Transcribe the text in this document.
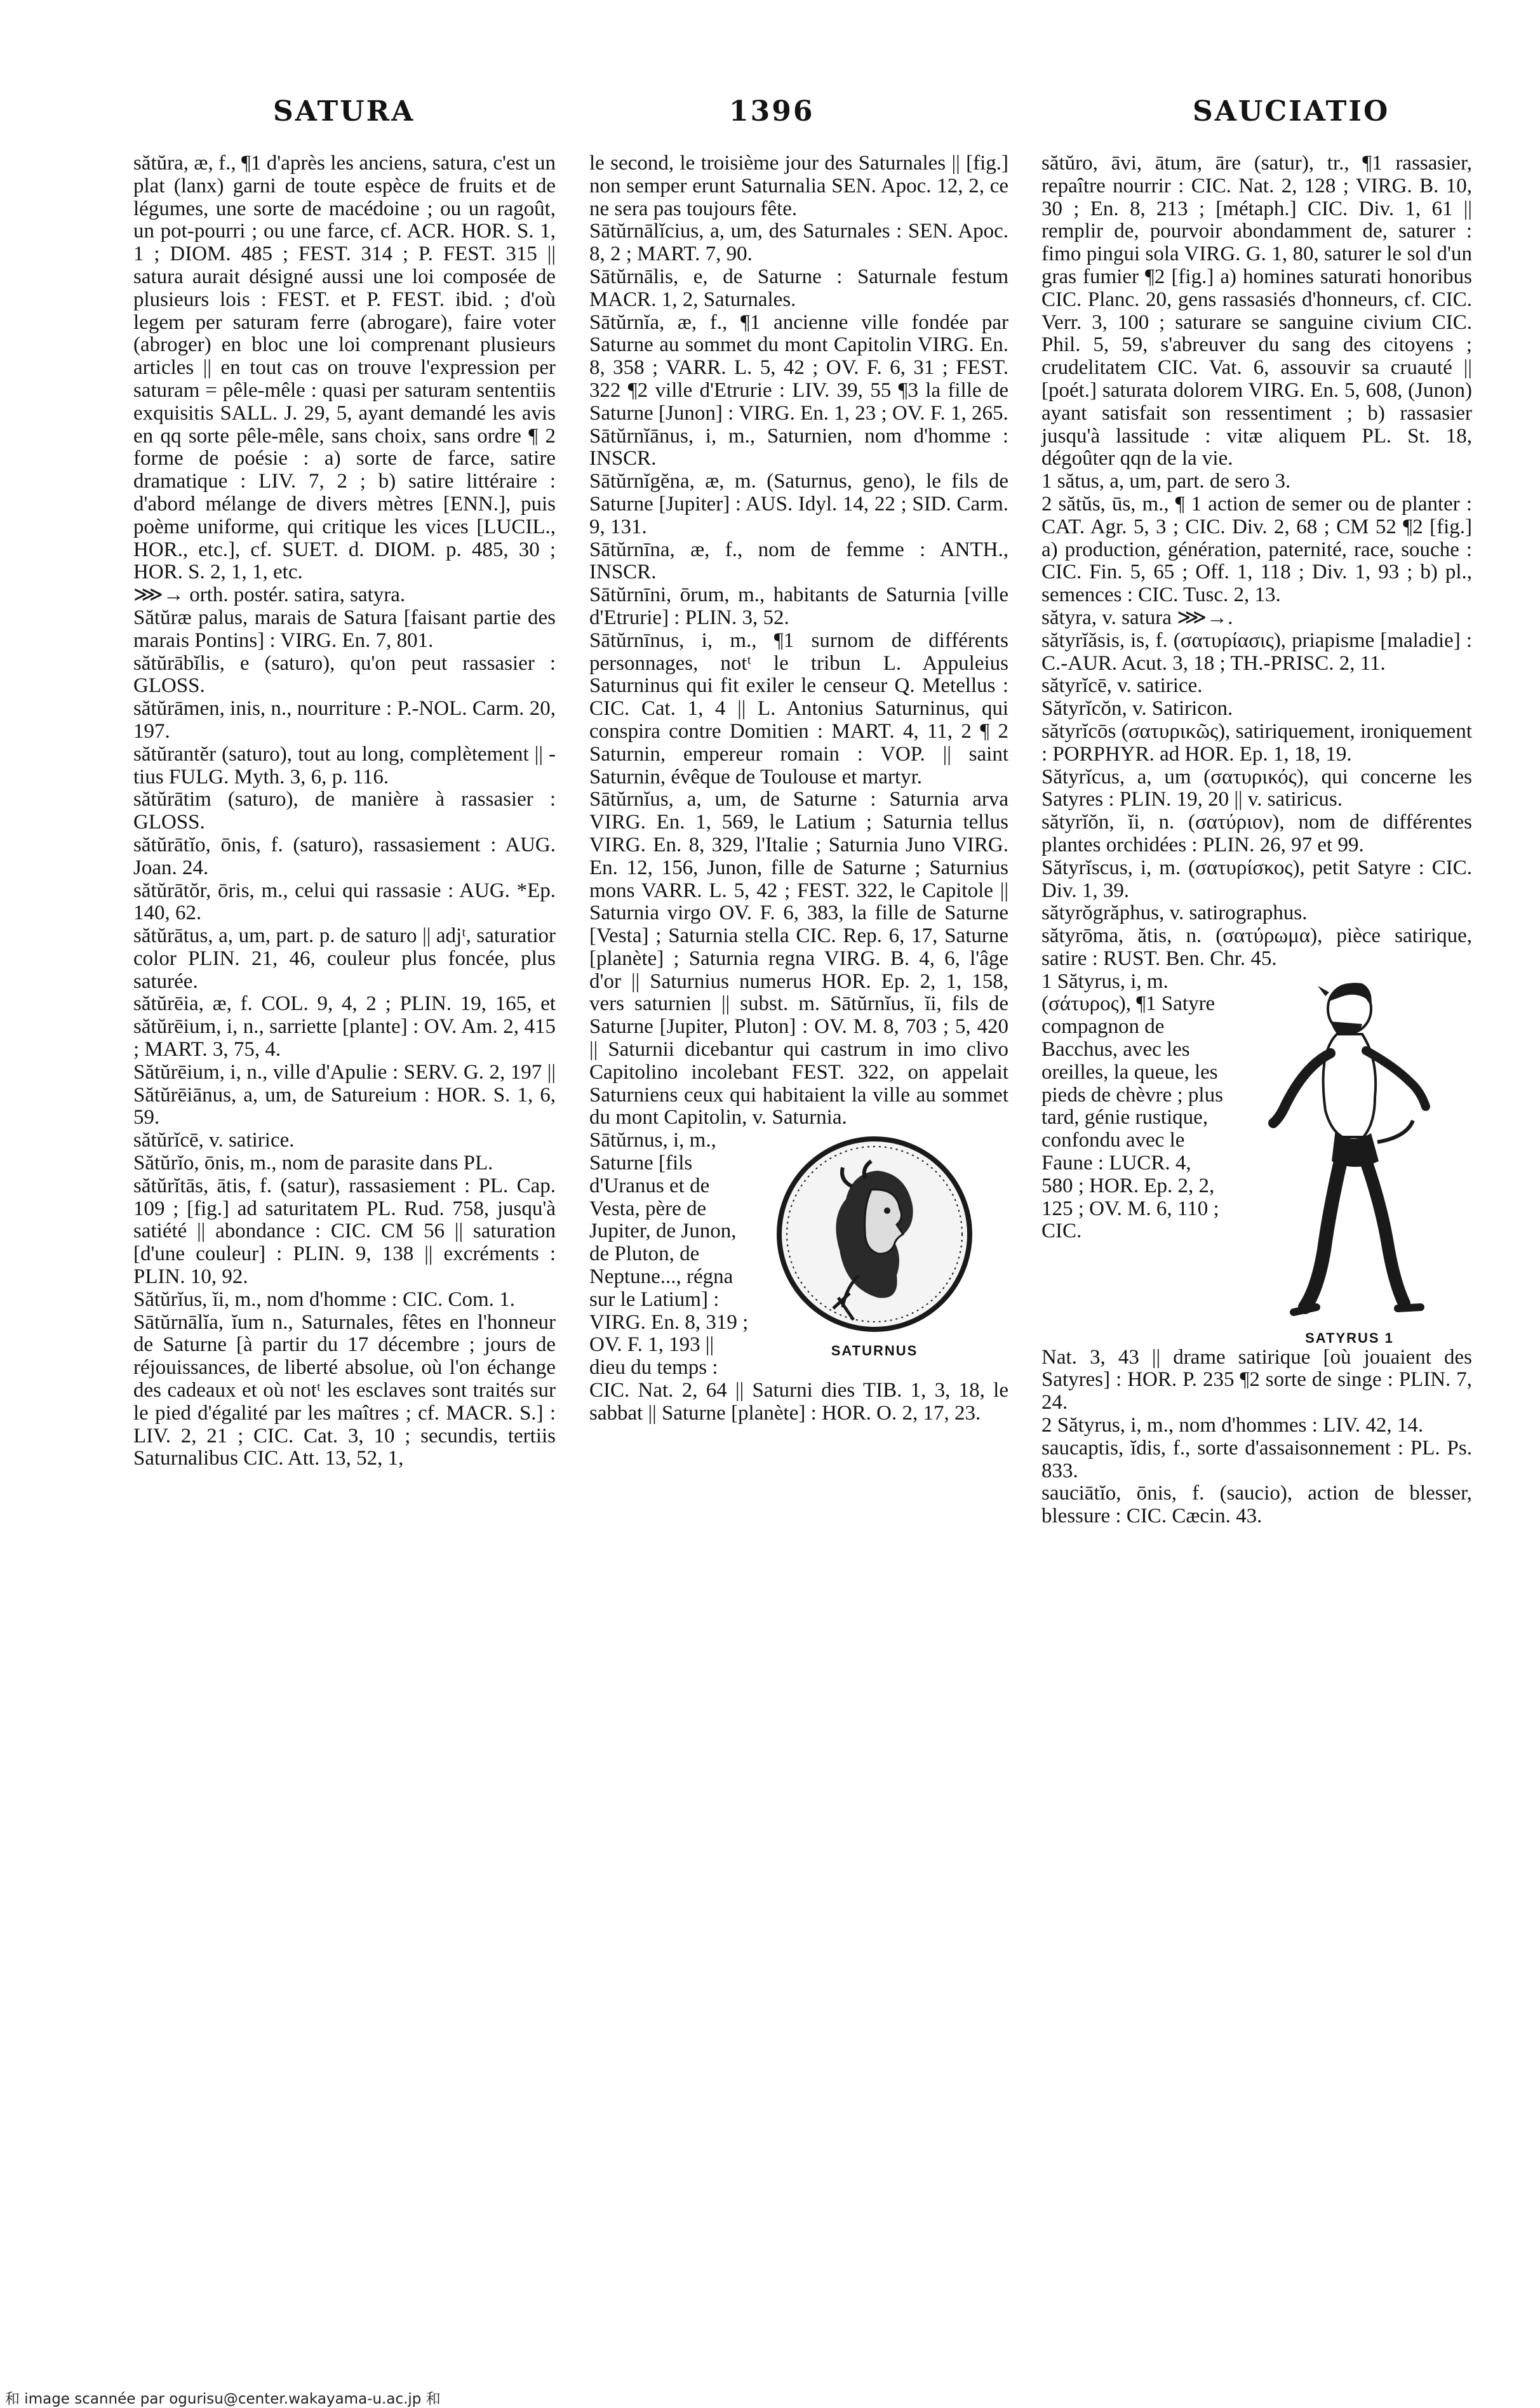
SATURA	1396	SAUCIATIO
sătŭra, æ, f., ¶1 d'après les anciens, satura, c'est un plat (lanx) garni de toute espèce de fruits et de légumes, une sorte de macédoine ; ou un ragoût, un pot-pourri ; ou une farce, cf. ACR. HOR. S. 1, 1 ; DIOM. 485 ; FEST. 314 ; P. FEST. 315 || satura aurait désigné aussi une loi composée de plusieurs lois : FEST. et P. FEST. ibid. ; d'où legem per saturam ferre (abrogare), faire voter (abroger) en bloc une loi comprenant plusieurs articles || en tout cas on trouve l'expression per saturam = pêle-mêle : quasi per saturam sententiis exquisitis SALL. J. 29, 5, ayant demandé les avis en qq sorte pêle-mêle, sans choix, sans ordre ¶ 2 forme de poésie : a) sorte de farce, satire dramatique : LIV. 7, 2 ; b) satire littéraire : d'abord mélange de divers mètres [ENN.], puis poème uniforme, qui critique les vices [LUCIL., HOR., etc.], cf. SUET. d. DIOM. p. 485, 30 ; HOR. S. 2, 1, 1, etc.
⋙→ orth. postér. satira, satyra.
Sătŭræ palus, marais de Satura [faisant partie des marais Pontins] : VIRG. En. 7, 801.
sătŭrābĭlis, e (saturo), qu'on peut rassasier : GLOSS.
sătŭrāmen, inis, n., nourriture : P.-NOL. Carm. 20, 197.
sătŭrantĕr (saturo), tout au long, complètement || -tius FULG. Myth. 3, 6, p. 116.
sătŭrātim (saturo), de manière à rassasier : GLOSS.
sătŭrātĭo, ōnis, f. (saturo), rassasiement : AUG. Joan. 24.
sătŭrātŏr, ōris, m., celui qui rassasie : AUG. *Ep. 140, 62.
sătŭrātus, a, um, part. p. de saturo || adjᵗ, saturatior color PLIN. 21, 46, couleur plus foncée, plus saturée.
sătŭrēia, æ, f. COL. 9, 4, 2 ; PLIN. 19, 165, et sătŭrēium, i, n., sarriette [plante] : OV. Am. 2, 415 ; MART. 3, 75, 4.
Sătŭrēium, i, n., ville d'Apulie : SERV. G. 2, 197 || Sătŭrēiānus, a, um, de Satureium : HOR. S. 1, 6, 59.
sătŭrĭcē, v. satirice.
Sătŭrĭo, ōnis, m., nom de parasite dans PL.
sătŭrĭtās, ātis, f. (satur), rassasiement : PL. Cap. 109 ; [fig.] ad saturitatem PL. Rud. 758, jusqu'à satiété || abondance : CIC. CM 56 || saturation [d'une couleur] : PLIN. 9, 138 || excréments : PLIN. 10, 92.
Sătŭrĭus, ĭi, m., nom d'homme : CIC. Com. 1.
Sātŭrnālĭa, ĭum n., Saturnales, fêtes en l'honneur de Saturne [à partir du 17 décembre ; jours de réjouissances, de liberté absolue, où l'on échange des cadeaux et où notᵗ les esclaves sont traités sur le pied d'égalité par les maîtres ; cf. MACR. S.] : LIV. 2, 21 ; CIC. Cat. 3, 10 ; secundis, tertiis Saturnalibus CIC. Att. 13, 52, 1,
le second, le troisième jour des Saturnales || [fig.] non semper erunt Saturnalia SEN. Apoc. 12, 2, ce ne sera pas toujours fête.
Sātŭrnālĭcius, a, um, des Saturnales : SEN. Apoc. 8, 2 ; MART. 7, 90.
Sātŭrnālis, e, de Saturne : Saturnale festum MACR. 1, 2, Saturnales.
Sātŭrnĭa, æ, f., ¶1 ancienne ville fondée par Saturne au sommet du mont Capitolin VIRG. En. 8, 358 ; VARR. L. 5, 42 ; OV. F. 6, 31 ; FEST. 322 ¶2 ville d'Etrurie : LIV. 39, 55 ¶3 la fille de Saturne [Junon] : VIRG. En. 1, 23 ; OV. F. 1, 265.
Sātŭrnĭānus, i, m., Saturnien, nom d'homme : INSCR.
Sātŭrnĭgĕna, æ, m. (Saturnus, geno), le fils de Saturne [Jupiter] : AUS. Idyl. 14, 22 ; SID. Carm. 9, 131.
Sātŭrnīna, æ, f., nom de femme : ANTH., INSCR.
Sātŭrnīni, ōrum, m., habitants de Saturnia [ville d'Etrurie] : PLIN. 3, 52.
Sātŭrnīnus, i, m., ¶1 surnom de différents personnages, notᵗ le tribun L. Appuleius Saturninus qui fit exiler le censeur Q. Metellus : CIC. Cat. 1, 4 || L. Antonius Saturninus, qui conspira contre Domitien : MART. 4, 11, 2 ¶ 2 Saturnin, empereur romain : VOP. || saint Saturnin, évêque de Toulouse et martyr.
Sātŭrnĭus, a, um, de Saturne : Saturnia arva VIRG. En. 1, 569, le Latium ; Saturnia tellus VIRG. En. 8, 329, l'Italie ; Saturnia Juno VIRG. En. 12, 156, Junon, fille de Saturne ; Saturnius mons VARR. L. 5, 42 ; FEST. 322, le Capitole || Saturnia virgo OV. F. 6, 383, la fille de Saturne [Vesta] ; Saturnia stella CIC. Rep. 6, 17, Saturne [planète] ; Saturnia regna VIRG. B. 4, 6, l'âge d'or || Saturnius numerus HOR. Ep. 2, 1, 158, vers saturnien || subst. m. Sātŭrnĭus, ĭi, fils de Saturne [Jupiter, Pluton] : OV. M. 8, 703 ; 5, 420 || Saturnii dicebantur qui castrum in imo clivo Capitolino incolebant FEST. 322, on appelait Saturniens ceux qui habitaient la ville au sommet du mont Capitolin, v. Saturnia.

Sātŭrnus, i, m., Saturne [fils d'Uranus et de Vesta, père de Jupiter, de Junon, de Pluton, de Neptune..., régna sur le Latium] : VIRG. En. 8, 319 ; OV. F. 1, 193 || dieu du temps :

SATURNUS
CIC. Nat. 2, 64 || Saturni dies TIB. 1, 3, 18, le sabbat || Saturne [planète] : HOR. O. 2, 17, 23.
sătŭro, āvi, ātum, āre (satur), tr., ¶1 rassasier, repaître nourrir : CIC. Nat. 2, 128 ; VIRG. B. 10, 30 ; En. 8, 213 ; [métaph.] CIC. Div. 1, 61 || remplir de, pourvoir abondamment de, saturer : fimo pingui sola VIRG. G. 1, 80, saturer le sol d'un gras fumier ¶2 [fig.] a) homines saturati honoribus CIC. Planc. 20, gens rassasiés d'honneurs, cf. CIC. Verr. 3, 100 ; saturare se sanguine civium CIC. Phil. 5, 59, s'abreuver du sang des citoyens ; crudelitatem CIC. Vat. 6, assouvir sa cruauté || [poét.] saturata dolorem VIRG. En. 5, 608, (Junon) ayant satisfait son ressentiment ; b) rassasier jusqu'à lassitude : vitæ aliquem PL. St. 18, dégoûter qqn de la vie.
1 sătus, a, um, part. de sero 3.
2 sătŭs, ūs, m., ¶ 1 action de semer ou de planter : CAT. Agr. 5, 3 ; CIC. Div. 2, 68 ; CM 52 ¶2 [fig.] a) production, génération, paternité, race, souche : CIC. Fin. 5, 65 ; Off. 1, 118 ; Div. 1, 93 ; b) pl., semences : CIC. Tusc. 2, 13.
sătyra, v. satura ⋙→.
sătyrĭăsis, is, f. (σατυρίασις), priapisme [maladie] : C.-AUR. Acut. 3, 18 ; TH.-PRISC. 2, 11.
sătyrĭcē, v. satirice.
Sătyrĭcŏn, v. Satiricon.
sătyrĭcōs (σατυρικῶς), satiriquement, ironiquement : PORPHYR. ad HOR. Ep. 1, 18, 19.
Sătyrĭcus, a, um (σατυρικός), qui concerne les Satyres : PLIN. 19, 20 || v. satiricus.
sătyrĭŏn, ĭi, n. (σατύριον), nom de différentes plantes orchidées : PLIN. 26, 97 et 99.
Sătyrĭscus, i, m. (σατυρίσκος), petit Satyre : CIC. Div. 1, 39.
sătyrŏgrăphus, v. satirographus.
sătyrōma, ătis, n. (σατύρωμα), pièce satirique, satire : RUST. Ben. Chr. 45.

1 Sătyrus, i, m. (σάτυρος), ¶1 Satyre compagnon de Bacchus, avec les oreilles, la queue, les pieds de chèvre ; plus tard, génie rustique, confondu avec le Faune : LUCR. 4, 580 ; HOR. Ep. 2, 2, 125 ; OV. M. 6, 110 ; CIC.

SATYRUS 1
Nat. 3, 43 || drame satirique [où jouaient des Satyres] : HOR. P. 235 ¶2 sorte de singe : PLIN. 7, 24.
2 Sătyrus, i, m., nom d'hommes : LIV. 42, 14.
saucaptis, ĭdis, f., sorte d'assaisonnement : PL. Ps. 833.
sauciātĭo, ōnis, f. (saucio), action de blesser, blessure : CIC. Cæcin. 43.

和 image scannée par ogurisu@center.wakayama-u.ac.jp 和
